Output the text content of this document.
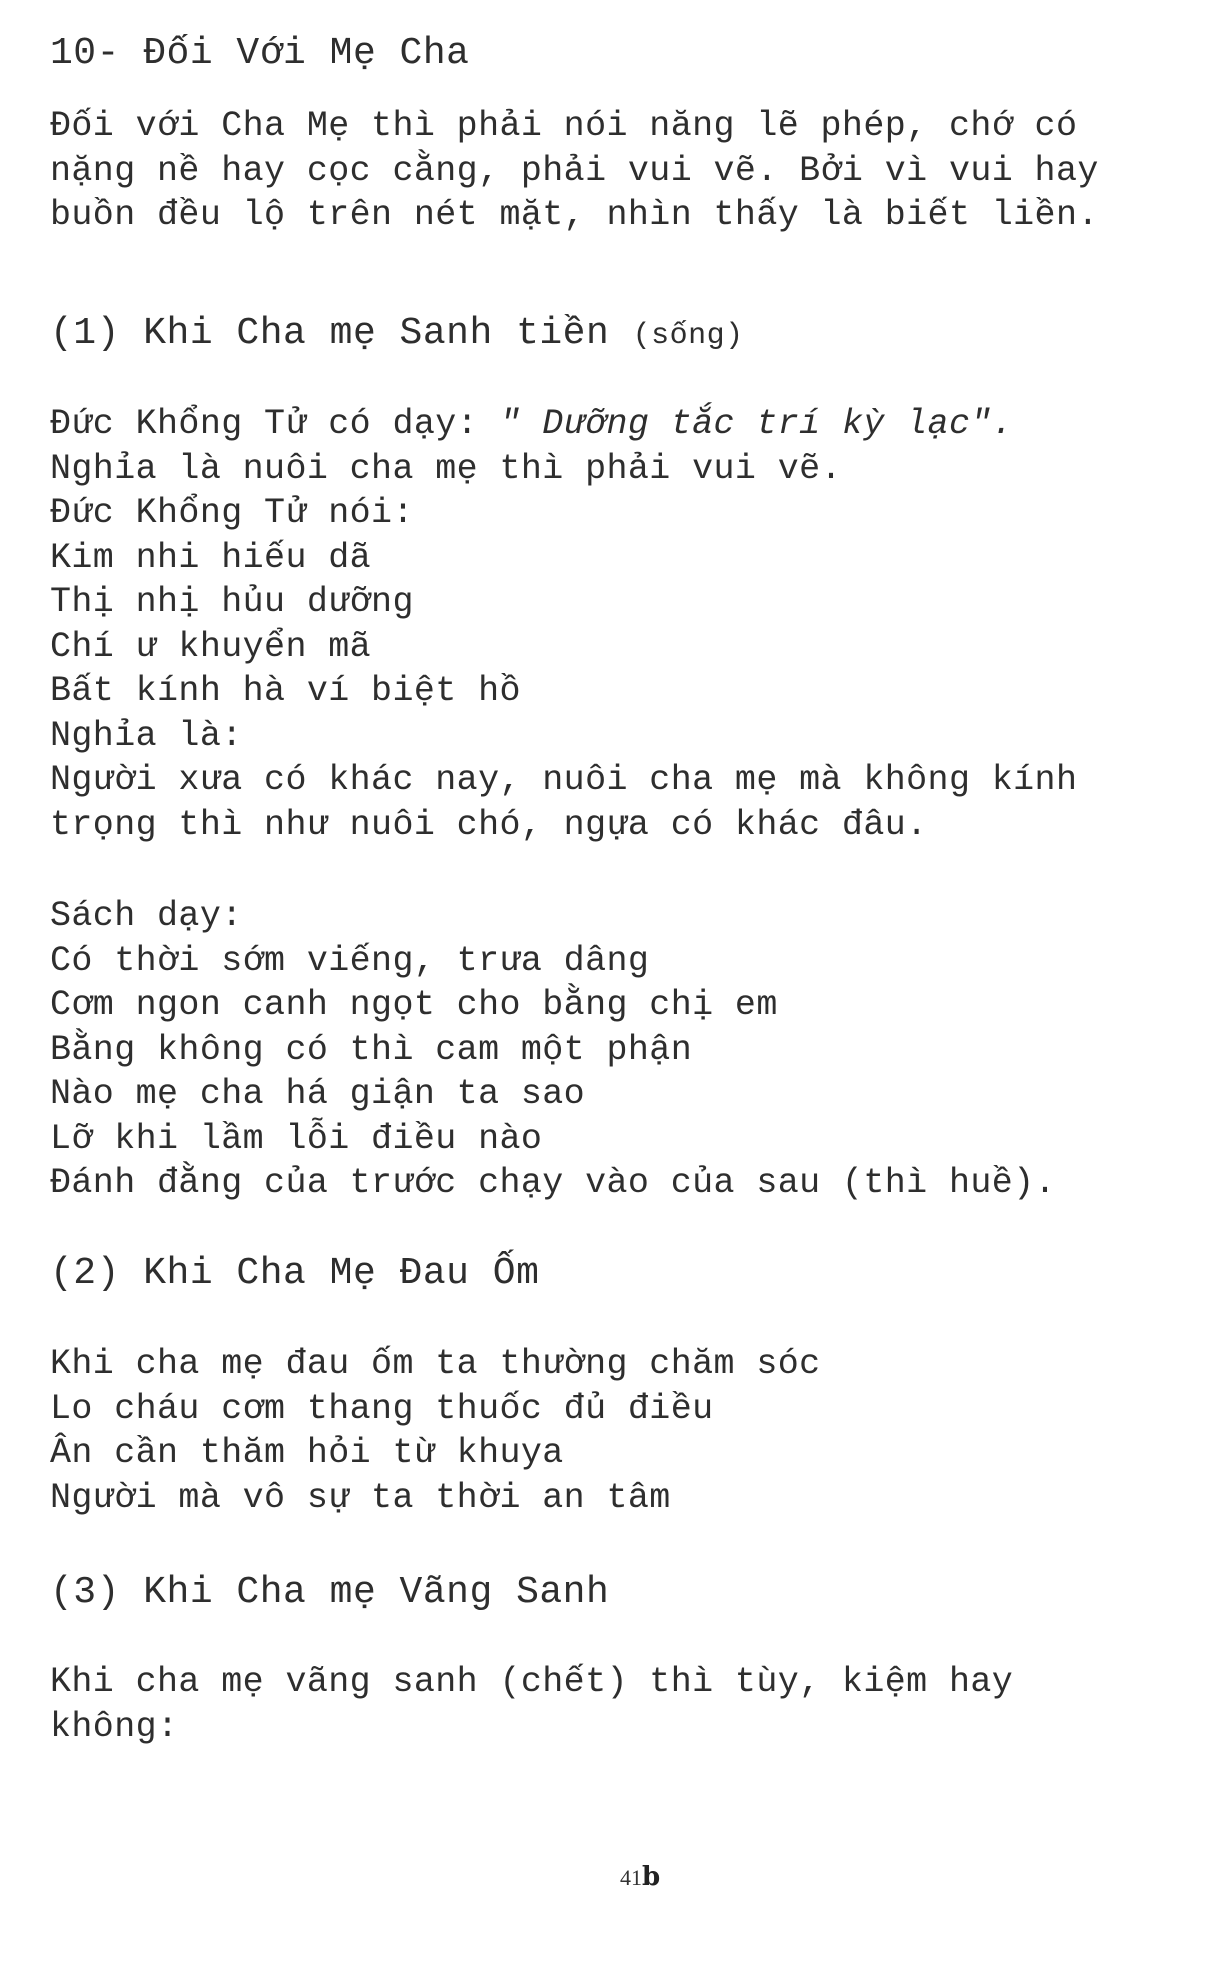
10- Đối Với Mẹ Cha
Đối với Cha Mẹ thì phải nói năng lẽ phép, chớ có
nặng nề hay cọc cằng, phải vui vẽ. Bởi vì vui hay
buồn đều lộ trên nét mặt, nhìn thấy là biết liền.
(1) Khi Cha mẹ Sanh tiền (sống)
Đức Khổng Tử có dạy: " Dưỡng tắc trí kỳ lạc".
Nghỉa là nuôi cha mẹ thì phải vui vẽ.
Đức Khổng Tử nói:
Kim nhi hiếu dã
Thị nhị hủu dưỡng
Chí ư khuyển mã
Bất kính hà ví biệt hồ
Nghỉa là:
Người xưa có khác nay, nuôi cha mẹ mà không kính
trọng thì như nuôi chó, ngựa có khác đâu.
Sách dạy:
Có thời sớm viếng, trưa dâng
Cơm ngon canh ngọt cho bằng chị em
Bằng không có thì cam một phận
Nào mẹ cha há giận ta sao
Lỡ khi lầm lỗi điều nào
Đánh đằng của trước chạy vào của sau (thì huề).
(2) Khi Cha Mẹ Đau Ốm
Khi cha mẹ đau ốm ta thường chăm sóc
Lo cháu cơm thang thuốc đủ điều
Ân cần thăm hỏi từ khuya
Người mà vô sự ta thời an tâm
(3) Khi Cha mẹ Vãng Sanh
Khi cha mẹ vãng sanh (chết) thì tùy, kiệm hay
không:
41b
